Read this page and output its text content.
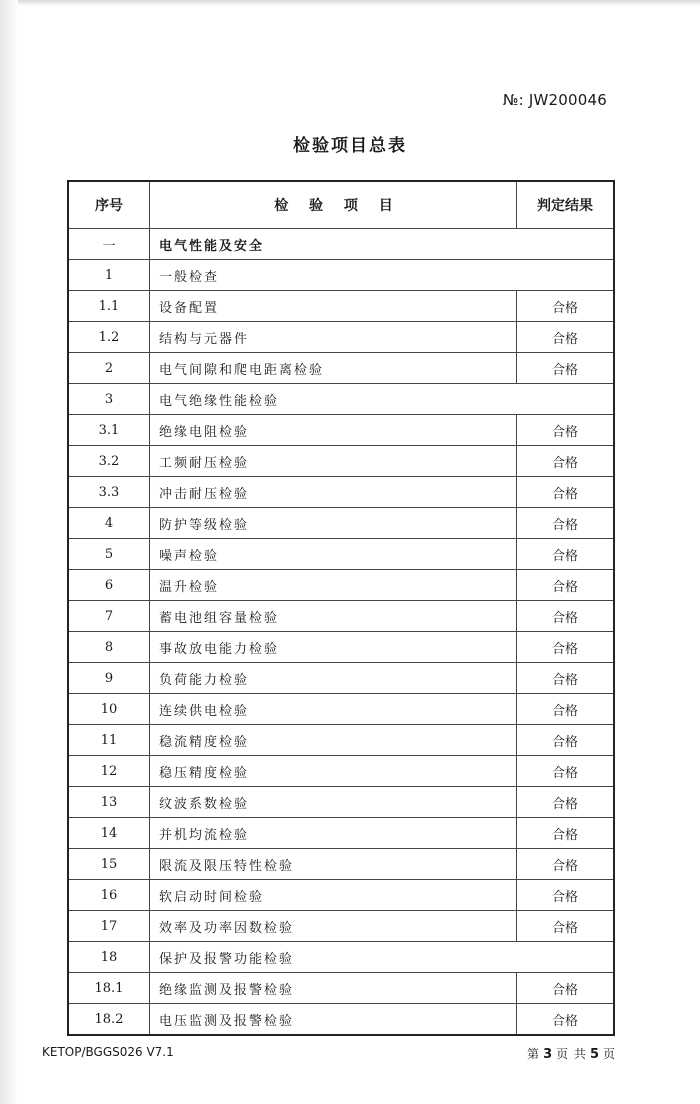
№: JW200046
检验项目总表
序号	检 验 项 目	判定结果
一	电气性能及安全	
1	一般检查	
1.1	设备配置	合格
1.2	结构与元器件	合格
2	电气间隙和爬电距离检验	合格
3	电气绝缘性能检验	
3.1	绝缘电阻检验	合格
3.2	工频耐压检验	合格
3.3	冲击耐压检验	合格
4	防护等级检验	合格
5	噪声检验	合格
6	温升检验	合格
7	蓄电池组容量检验	合格
8	事故放电能力检验	合格
9	负荷能力检验	合格
10	连续供电检验	合格
11	稳流精度检验	合格
12	稳压精度检验	合格
13	纹波系数检验	合格
14	并机均流检验	合格
15	限流及限压特性检验	合格
16	软启动时间检验	合格
17	效率及功率因数检验	合格
18	保护及报警功能检验	
18.1	绝缘监测及报警检验	合格
18.2	电压监测及报警检验	合格
KETOP/BGGS026 V7.1	第 3 页 共 5 页
